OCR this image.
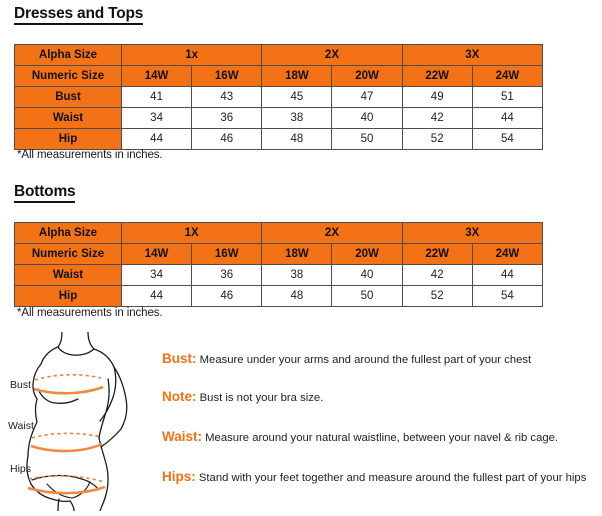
Dresses and Tops
Alpha Size	1x		2X		3X	
Numeric Size	14W	16W	18W	20W	22W	24W
Bust	41	43	45	47	49	51
Waist	34	36	38	40	42	44
Hip	44	46	48	50	52	54
*All measurements in inches.
Bottoms
Alpha Size	1X		2X		3X	
Numeric Size	14W	16W	18W	20W	22W	24W
Waist	34	36	38	40	42	44
Hip	44	46	48	50	52	54
*All measurements in inches.
Bust
Waist
Hips
Bust: Measure under your arms and around the fullest part of your chest
Note: Bust is not your bra size.
Waist: Measure around your natural waistline, between your navel & rib cage.
Hips: Stand with your feet together and measure around the fullest part of your hips
